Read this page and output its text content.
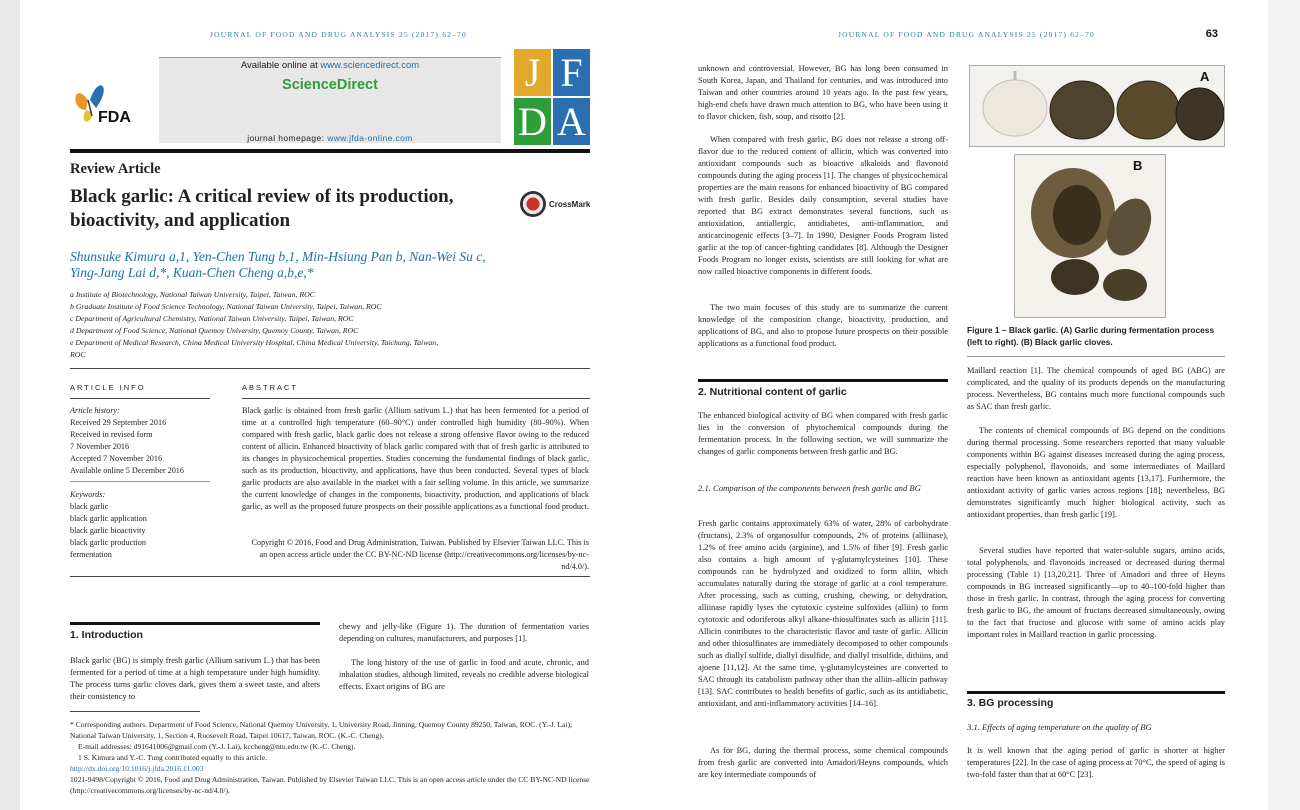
JOURNAL OF FOOD AND DRUG ANALYSIS 25 (2017) 62–70
FDA
Available online at www.sciencedirect.com
ScienceDirect
journal homepage: www.jfda-online.com
J F
D A
Review Article
Black garlic: A critical review of its production, bioactivity, and application
CrossMark
Shunsuke Kimura a,1, Yen-Chen Tung b,1, Min-Hsiung Pan b, Nan-Wei Su c,
Ying-Jang Lai d,*, Kuan-Chen Cheng a,b,e,*
a Institute of Biotechnology, National Taiwan University, Taipei, Taiwan, ROC
b Graduate Institute of Food Science Technology, National Taiwan University, Taipei, Taiwan, ROC
c Department of Agricultural Chemistry, National Taiwan University, Taipei, Taiwan, ROC
d Department of Food Science, National Quemoy University, Quemoy County, Taiwan, ROC
e Department of Medical Research, China Medical University Hospital, China Medical University, Taichung, Taiwan,
ROC
ARTICLE INFO	ABSTRACT
Article history:
Received 29 September 2016
Received in revised form
7 November 2016
Accepted 7 November 2016
Available online 5 December 2016
Keywords:
black garlic
black garlic application
black garlic bioactivity
black garlic production
fermentation
Black garlic is obtained from fresh garlic (Allium sativum L.) that has been fermented for a period of time at a controlled high temperature (60–90°C) under controlled high humidity (80–90%). When compared with fresh garlic, black garlic does not release a strong offensive flavor owing to the reduced content of allicin. Enhanced bioactivity of black garlic compared with that of fresh garlic is attributed to its changes in physicochemical properties. Studies concerning the fundamental findings of black garlic, such as its production, bioactivity, and applications, have thus been conducted. Several types of black garlic products are also available in the market with a fair selling volume. In this article, we summarize the current knowledge of changes in the components, bioactivity, production, and applications of black garlic, as well as the proposed future prospects on their possible applications as a functional food product.
Copyright © 2016, Food and Drug Administration, Taiwan. Published by Elsevier Taiwan LLC. This is an open access article under the CC BY-NC-ND license (http://creativecommons.org/licenses/by-nc-nd/4.0/).
1. Introduction
Black garlic (BG) is simply fresh garlic (Allium sativum L.) that has been fermented for a period of time at a high temperature under high humidity. The process turns garlic cloves dark, gives them a sweet taste, and alters their consistency to
chewy and jelly-like (Figure 1). The duration of fermentation varies depending on cultures, manufacturers, and purposes [1].
The long history of the use of garlic in food and acute, chronic, and inhalation studies, although limited, reveals no credible adverse biological effects. Exact origins of BG are
* Corresponding authors. Department of Food Science, National Quemoy University, 1, University Road, Jinning, Quemoy County 89250, Taiwan, ROC. (Y.-J. Lai); National Taiwan University, 1, Section 4, Roosevelt Road, Taipei 10617, Taiwan, ROC. (K.-C. Cheng).
E-mail addresses: d91641006@gmail.com (Y.-J. Lai), kccheng@ntu.edu.tw (K.-C. Cheng).
1 S. Kimura and Y.-C. Tung contributed equally to this article.
http://dx.doi.org/10.1016/j.jfda.2016.11.003
1021-9498/Copyright © 2016, Food and Drug Administration, Taiwan. Published by Elsevier Taiwan LLC. This is an open access article under the CC BY-NC-ND license (http://creativecommons.org/licenses/by-nc-nd/4.0/).
JOURNAL OF FOOD AND DRUG ANALYSIS 25 (2017) 62–70	63
unknown and controversial. However, BG has long been consumed in South Korea, Japan, and Thailand for centuries, and was introduced into Taiwan and other countries around 10 years ago. In the past few years, high-end chefs have drawn much attention to BG, who have been using it to flavor chicken, fish, soup, and risotto [2].
When compared with fresh garlic, BG does not release a strong off-flavor due to the reduced content of allicin, which was converted into antioxidant compounds such as bioactive alkaloids and flavonoid compounds during the aging process [1]. The changes of physicochemical properties are the main reasons for enhanced bioactivity of BG compared with fresh garlic. Besides daily consumption, several studies have reported that BG extract demonstrates several functions, such as antioxidation, antiallergic, antidiabetes, anti-inflammation, and anticarcinogenic effects [3–7]. In 1990, Designer Foods Program listed garlic at the top of cancer-fighting candidates [8]. Although the Designer Foods Program no longer exists, scientists are still looking for what are now called bioactive components in different foods.
The two main focuses of this study are to summarize the current knowledge of the composition change, bioactivity, production, and applications of BG, and also to propose future prospects on their possible applications as a functional food product.
2. Nutritional content of garlic
The enhanced biological activity of BG when compared with fresh garlic lies in the conversion of phytochemical compounds during the fermentation process. In the following section, we will summarize the changes of garlic components between fresh garlic and BG.
2.1. Comparison of the components between fresh garlic and BG
Fresh garlic contains approximately 63% of water, 28% of carbohydrate (fructans), 2.3% of organosulfur compounds, 2% of proteins (alliinase), 1.2% of free amino acids (arginine), and 1.5% of fiber [9]. Fresh garlic also contains a high amount of γ-glutamylcysteines [10]. These compounds can be hydrolyzed and oxidized to form alliin, which accumulates naturally during the storage of garlic at a cool temperature. After processing, such as cutting, crushing, chewing, or dehydration, alliinase rapidly lyses the cytotoxic cysteine sulfoxides (alliin) to form cytotoxic and odoriferous alkyl alkane-thiosulfinates such as allicin [11]. Allicin contributes to the characteristic flavor and taste of garlic. Allicin and other thiosulfinates are immediately decomposed to other compounds such as diallyl sulfide, diallyl disulfide, and diallyl trisulfide, dithiins, and ajoene [11,12]. At the same time, γ-glutamylcysteines are converted to SAC through its catabolism pathway other than the alliin–allicin pathway [13]. SAC contributes to health benefits of garlic, such as its antidiabetic, antioxidant, and anti-inflammatory activities [14–16].
As for BG, during the thermal process, some chemical compounds from fresh garlic are converted into Amadori/Heyns compounds, which are key intermediate compounds of
A
B
Figure 1 – Black garlic. (A) Garlic during fermentation process (left to right). (B) Black garlic cloves.
Maillard reaction [1]. The chemical compounds of aged BG (ABG) are complicated, and the quality of its products depends on the manufacturing process. Nevertheless, BG contains much more functional compounds such as SAC than fresh garlic.
The contents of chemical compounds of BG depend on the conditions during thermal processing. Some researchers reported that many valuable components within BG against diseases increased during the aging process, especially polyphenol, flavonoids, and some intermediates of Maillard reaction have been known as antioxidant agents [13,17]. Furthermore, the antioxidant activity of garlic varies across regions [18]; nevertheless, BG demonstrates significantly much higher biological activity, such as antioxidant properties, than fresh garlic [19].
Several studies have reported that water-soluble sugars, amino acids, total polyphenols, and flavonoids increased or decreased during thermal processing (Table 1) [13,20,21]. Three of Amadori and three of Heyns compounds in BG increased significantly—up to 40–100-fold higher than those in fresh garlic. In contrast, through the aging process for converting fresh garlic to BG, the amount of fructans decreased simultaneously, owing to the fact that fructose and glucose with some of amino acids play important roles in Maillard reaction in garlic processing.
3. BG processing
3.1. Effects of aging temperature on the quality of BG
It is well known that the aging period of garlic is shorter at higher temperatures [22]. In the case of aging process at 70°C, the speed of aging is two-fold faster than that at 60°C [23].
